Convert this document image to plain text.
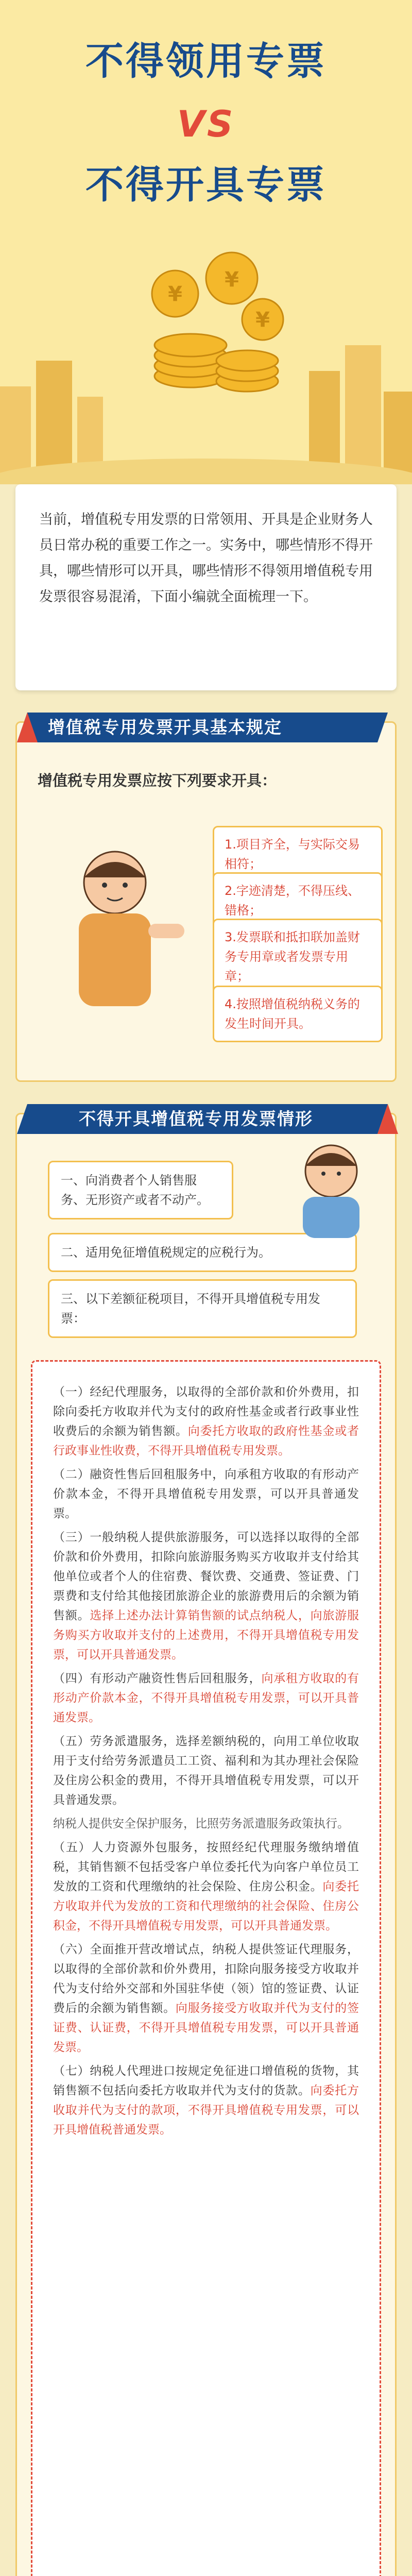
¥
¥
¥
不得领用专票
VS
不得开具专票

当前，增值税专用发票的日常领用、开具是企业财务人员日常办税的重要工作之一。实务中，哪些情形不得开具，哪些情形可以开具，哪些情形不得领用增值税专用发票很容易混淆，下面小编就全面梳理一下。

增值税专用发票开具基本规定
增值税专用发票应按下列要求开具：
1.项目齐全，与实际交易相符；
2.字迹清楚，不得压线、错格；
3.发票联和抵扣联加盖财务专用章或者发票专用章；
4.按照增值税纳税义务的发生时间开具。
不得开具增值税专用发票情形
一、向消费者个人销售服务、无形资产或者不动产。
二、适用免征增值税规定的应税行为。
三、以下差额征税项目，不得开具增值税专用发票：

（一）经纪代理服务，以取得的全部价款和价外费用，扣除向委托方收取并代为支付的政府性基金或者行政事业性收费后的余额为销售额。向委托方收取的政府性基金或者行政事业性收费，不得开具增值税专用发票。

（二）融资性售后回租服务中，向承租方收取的有形动产价款本金，不得开具增值税专用发票，可以开具普通发票。

（三）一般纳税人提供旅游服务，可以选择以取得的全部价款和价外费用，扣除向旅游服务购买方收取并支付给其他单位或者个人的住宿费、餐饮费、交通费、签证费、门票费和支付给其他接团旅游企业的旅游费用后的余额为销售额。选择上述办法计算销售额的试点纳税人，向旅游服务购买方收取并支付的上述费用，不得开具增值税专用发票，可以开具普通发票。

（四）有形动产融资性售后回租服务，向承租方收取的有形动产价款本金，不得开具增值税专用发票，可以开具普通发票。

（五）劳务派遣服务，选择差额纳税的，向用工单位收取用于支付给劳务派遣员工工资、福利和为其办理社会保险及住房公积金的费用，不得开具增值税专用发票，可以开具普通发票。

纳税人提供安全保护服务，比照劳务派遣服务政策执行。

（五）人力资源外包服务，按照经纪代理服务缴纳增值税，其销售额不包括受客户单位委托代为向客户单位员工发放的工资和代理缴纳的社会保险、住房公积金。向委托方收取并代为发放的工资和代理缴纳的社会保险、住房公积金，不得开具增值税专用发票，可以开具普通发票。

（六）全面推开营改增试点，纳税人提供签证代理服务，以取得的全部价款和价外费用，扣除向服务接受方收取并代为支付给外交部和外国驻华使（领）馆的签证费、认证费后的余额为销售额。向服务接受方收取并代为支付的签证费、认证费，不得开具增值税专用发票，可以开具普通发票。

（七）纳税人代理进口按规定免征进口增值税的货物，其销售额不包括向委托方收取并代为支付的货款。向委托方收取并代为支付的款项，不得开具增值税专用发票，可以开具增值税普通发票。
